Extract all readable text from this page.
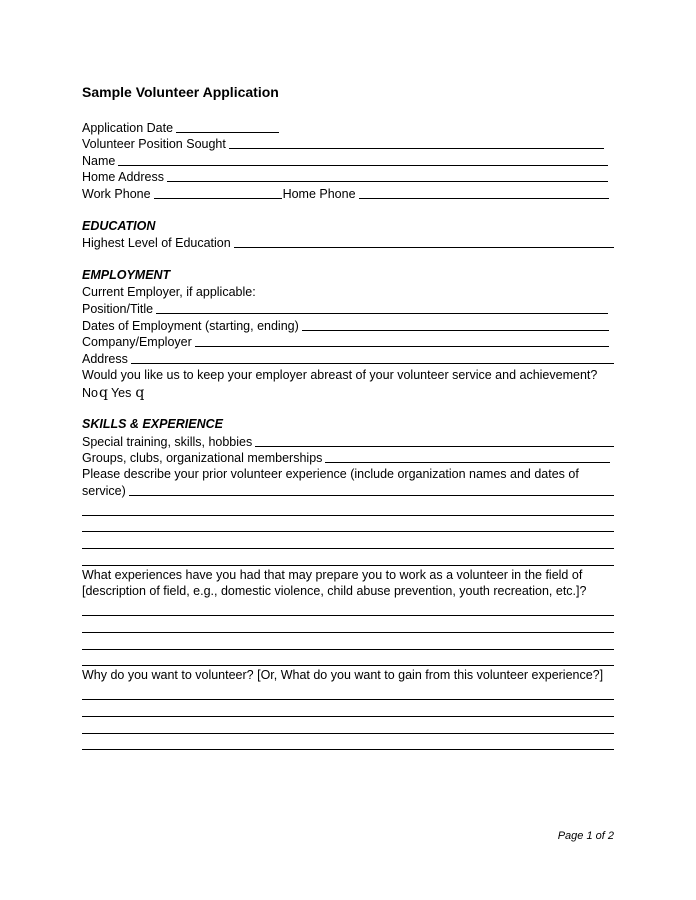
Sample Volunteer Application
Application Date
Volunteer Position Sought
Name
Home Address
Work Phone	Home Phone
EDUCATION
Highest Level of Education
EMPLOYMENT
Current Employer, if applicable:
Position/Title
Dates of Employment (starting, ending)
Company/Employer
Address
Would you like us to keep your employer abreast of your volunteer service and achievement?
No q Yes q
SKILLS & EXPERIENCE
Special training, skills, hobbies
Groups, clubs, organizational memberships
Please describe your prior volunteer experience (include organization names and dates of
service)
What experiences have you had that may prepare you to work as a volunteer in the field of [description of field, e.g., domestic violence, child abuse prevention, youth recreation, etc.]?
Why do you want to volunteer? [Or, What do you want to gain from this volunteer experience?]
Page 1 of 2
